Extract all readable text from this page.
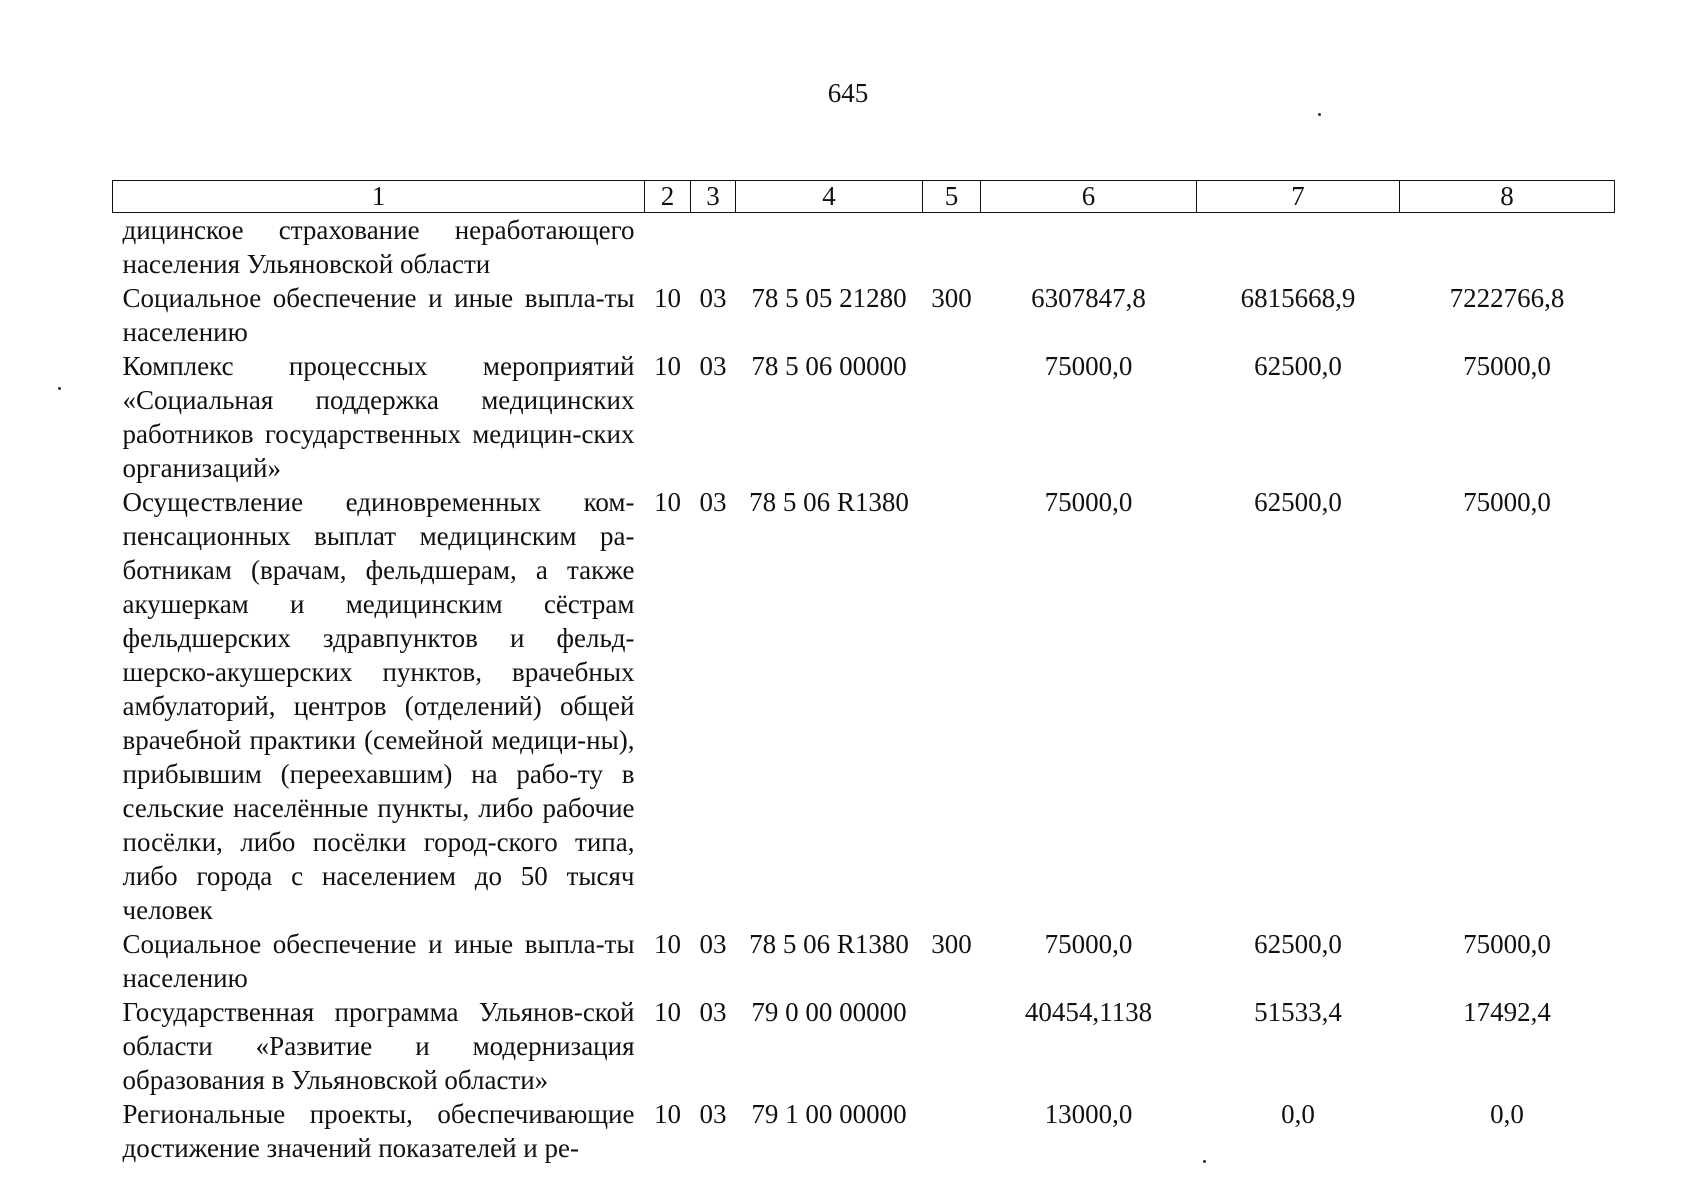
645
1	2	3	4	5	6	7	8
дицинское страхование неработающего населения Ульяновской области							
Социальное обеспечение и иные выпла-ты населению	10	03	78 5 05 21280	300	6307847,8	6815668,9	7222766,8
Комплекс процессных мероприятий «Социальная поддержка медицинских работников государственных медицин-ских организаций»	10	03	78 5 06 00000		75000,0	62500,0	75000,0
Осуществление единовременных ком-пенсационных выплат медицинским ра-ботникам (врачам, фельдшерам, а также акушеркам и медицинским сёстрам фельдшерских здравпунктов и фельд-шерско-акушерских пунктов, врачебных амбулаторий, центров (отделений) общей врачебной практики (семейной медици-ны), прибывшим (переехавшим) на рабо-ту в сельские населённые пункты, либо рабочие посёлки, либо посёлки город-ского типа, либо города с населением до 50 тысяч человек	10	03	78 5 06 R1380		75000,0	62500,0	75000,0
Социальное обеспечение и иные выпла-ты населению	10	03	78 5 06 R1380	300	75000,0	62500,0	75000,0
Государственная программа Ульянов-ской области «Развитие и модернизация образования в Ульяновской области»	10	03	79 0 00 00000		40454,1138	51533,4	17492,4
Региональные проекты, обеспечивающие достижение значений показателей и ре-	10	03	79 1 00 00000		13000,0	0,0	0,0
